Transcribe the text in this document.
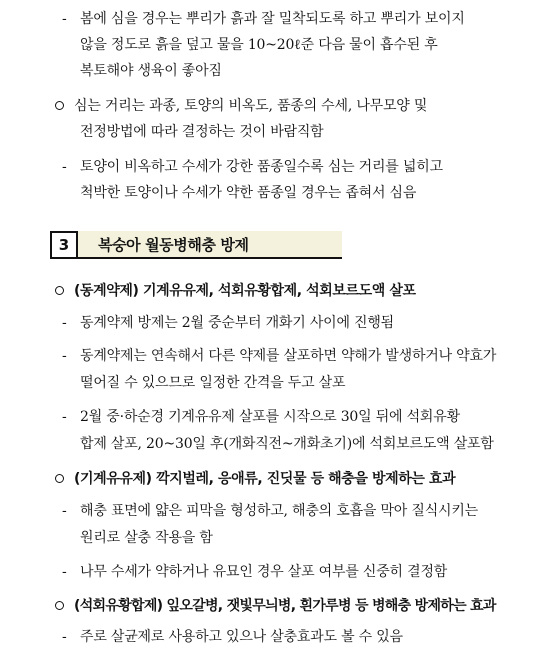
- 봄에 심을 경우는 뿌리가 흙과 잘 밀착되도록 하고 뿌리가 보이지
않을 정도로 흙을 덮고 물을 10~20ℓ준 다음 물이 흡수된 후
복토해야 생육이 좋아짐
심는 거리는 과종, 토양의 비옥도, 품종의 수세, 나무모양 및
전정방법에 따라 결정하는 것이 바람직함
- 토양이 비옥하고 수세가 강한 품종일수록 심는 거리를 넓히고
척박한 토양이나 수세가 약한 품종일 경우는 좁혀서 심음
3	복숭아 월동병해충 방제
(동계약제) 기계유유제, 석회유황합제, 석회보르도액 살포
- 동계약제 방제는 2월 중순부터 개화기 사이에 진행됨
- 동계약제는 연속해서 다른 약제를 살포하면 약해가 발생하거나 약효가
떨어질 수 있으므로 일정한 간격을 두고 살포
- 2월 중·하순경 기계유유제 살포를 시작으로 30일 뒤에 석회유황
합제 살포, 20~30일 후(개화직전~개화초기)에 석회보르도액 살포함
(기계유유제) 깍지벌레, 응애류, 진딧물 등 해충을 방제하는 효과
- 해충 표면에 얇은 피막을 형성하고, 해충의 호흡을 막아 질식시키는
원리로 살충 작용을 함
- 나무 수세가 약하거나 유묘인 경우 살포 여부를 신중히 결정함
(석회유황합제) 잎오갈병, 잿빛무늬병, 흰가루병 등 병해충 방제하는 효과
- 주로 살균제로 사용하고 있으나 살충효과도 볼 수 있음
